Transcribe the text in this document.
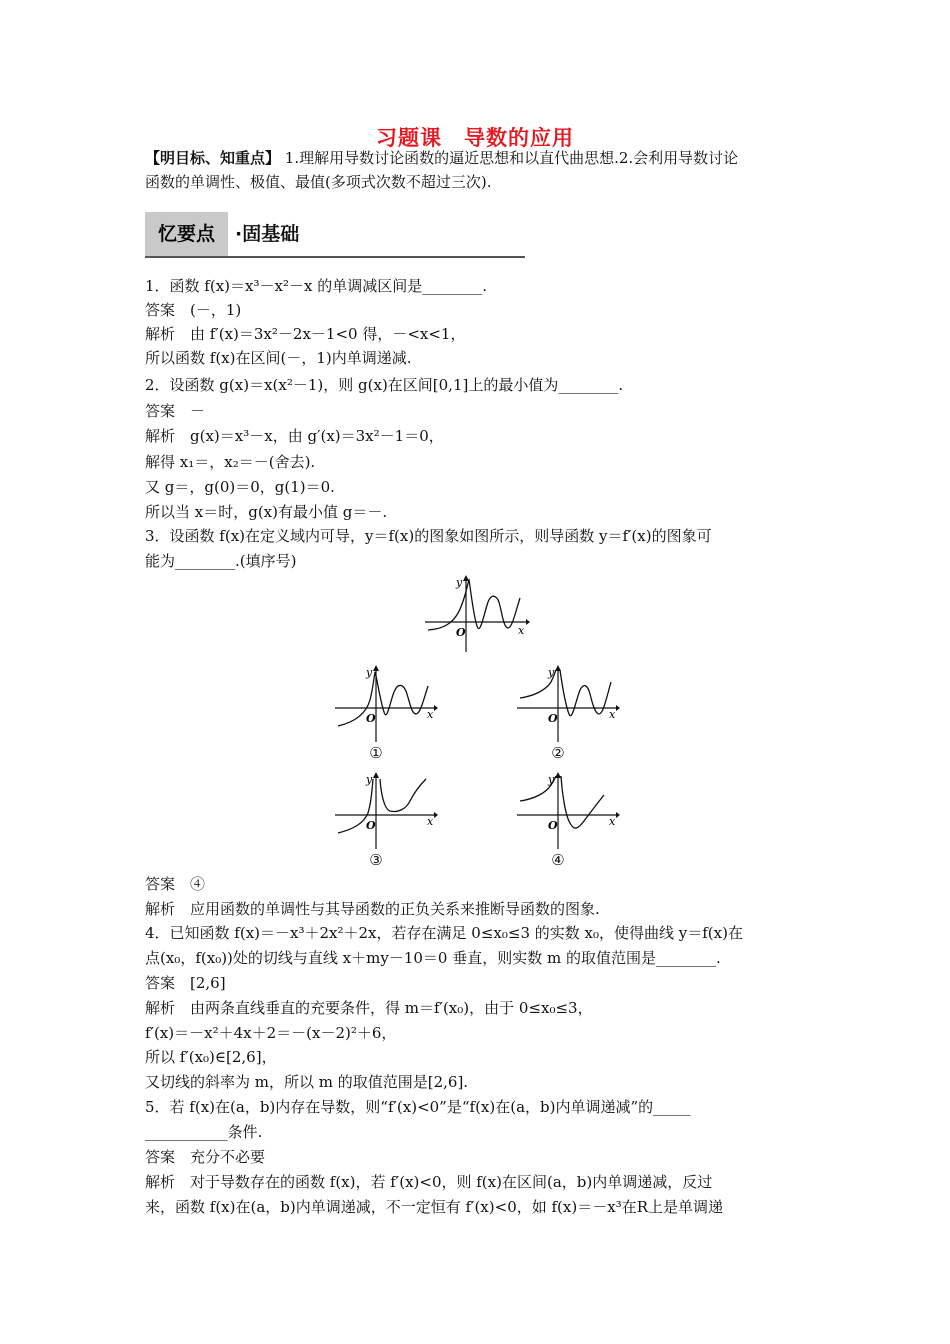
习题课　导数的应用
【明目标、知重点】 1.理解用导数讨论函数的逼近思想和以直代曲思想.2.会利用导数讨论
函数的单调性、极值、最值(多项式次数不超过三次).
忆要点	·固基础
1．函数 f(x)＝x³－x²－x 的单调减区间是________.
答案　(－，1)
解析　由 f′(x)＝3x²－2x－1<0 得，－<x<1，
所以函数 f(x)在区间(－，1)内单调递减.
2．设函数 g(x)＝x(x²－1)，则 g(x)在区间[0,1]上的最小值为________.
答案　－
解析　g(x)＝x³－x，由 g′(x)＝3x²－1＝0，
解得 x₁＝，x₂＝－(舍去).
又 g＝，g(0)＝0，g(1)＝0.
所以当 x＝时，g(x)有最小值 g＝－.
3．设函数 f(x)在定义域内可导，y＝f(x)的图象如图所示，则导函数 y＝f′(x)的图象可
能为________.(填序号)
y
x
O
y
x
O
①
y
x
O
②
y
x
O
③
y
x
O
④
答案　④
解析　应用函数的单调性与其导函数的正负关系来推断导函数的图象.
4．已知函数 f(x)＝－x³＋2x²＋2x，若存在满足 0≤x₀≤3 的实数 x₀，使得曲线 y＝f(x)在
点(x₀，f(x₀))处的切线与直线 x＋my－10＝0 垂直，则实数 m 的取值范围是________.
答案　[2,6]
解析　由两条直线垂直的充要条件，得 m＝f′(x₀)，由于 0≤x₀≤3，
f′(x)＝－x²＋4x＋2＝－(x－2)²＋6，
所以 f′(x₀)∈[2,6]，
又切线的斜率为 m，所以 m 的取值范围是[2,6].
5．若 f(x)在(a，b)内存在导数，则“f′(x)<0”是“f(x)在(a，b)内单调递减”的_____
___________条件.
答案　充分不必要
解析　对于导数存在的函数 f(x)，若 f′(x)<0，则 f(x)在区间(a，b)内单调递减，反过
来，函数 f(x)在(a，b)内单调递减，不一定恒有 f′(x)<0，如 f(x)＝－x³在R上是单调递
